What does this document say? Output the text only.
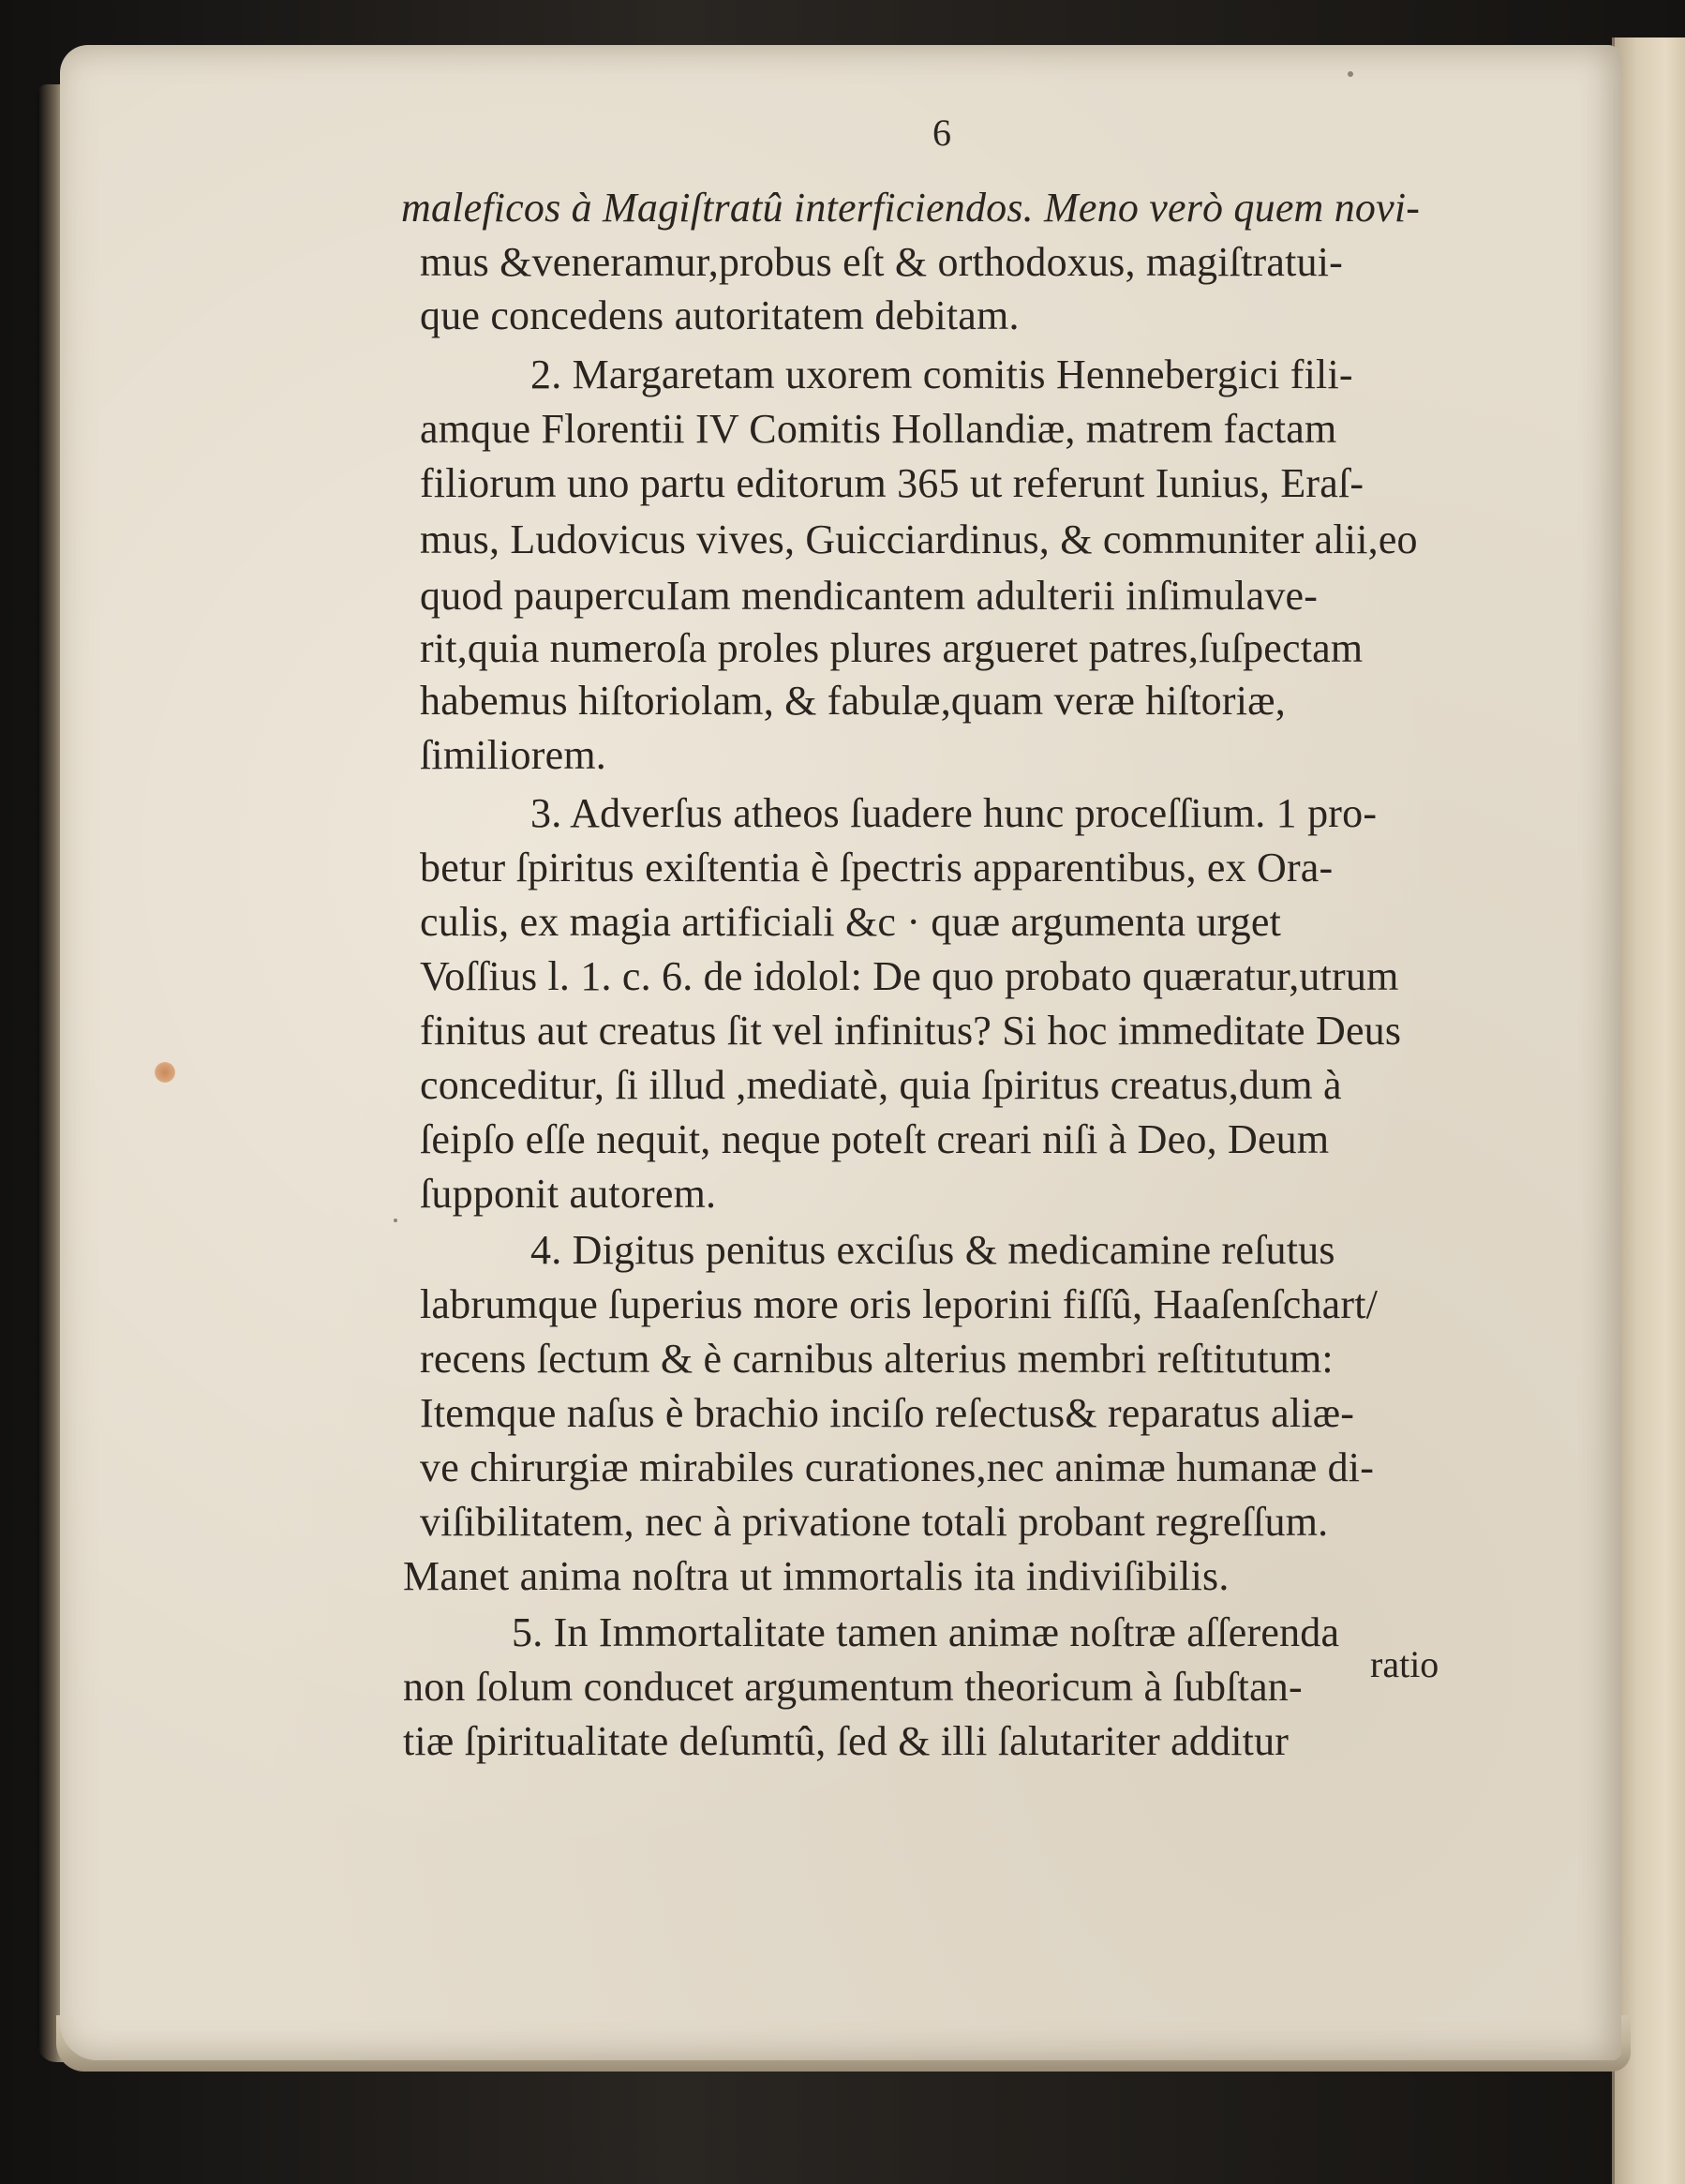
6
maleficos à Magiſtratû interficiendos. Meno verò quem novi-
mus &veneramur,probus eſt & orthodoxus, magiſtratui-
que concedens autoritatem debitam.
2. Margaretam uxorem comitis Hennebergici fili-
amque Florentii IV Comitis Hollandiæ, matrem factam
filiorum uno partu editorum 365 ut referunt Iunius, Eraſ-
mus, Ludovicus vives, Guicciardinus, & communiter alii,eo
quod paupercuIam mendicantem adulterii inſimulave-
rit,quia numeroſa proles plures argueret patres,ſuſpectam
habemus hiſtoriolam, & fabulæ,quam veræ hiſtoriæ,
ſimiliorem.
3. Adverſus atheos ſuadere hunc proceſſium. 1 pro-
betur ſpiritus exiſtentia è ſpectris apparentibus, ex Ora-
culis, ex magia artificiali &c · quæ argumenta urget
Voſſius l. 1. c. 6. de idolol: De quo probato quæratur,utrum
finitus aut creatus ſit vel infinitus? Si hoc immeditate Deus
conceditur, ſi illud ,mediatè, quia ſpiritus creatus,dum à
ſeipſo eſſe nequit, neque poteſt creari niſi à Deo, Deum
ſupponit autorem.
4. Digitus penitus exciſus & medicamine reſutus
labrumque ſuperius more oris leporini fiſſû, Haaſenſchart/
recens ſectum & è carnibus alterius membri reſtitutum:
Itemque naſus è brachio inciſo reſectus& reparatus aliæ-
ve chirurgiæ mirabiles curationes,nec animæ humanæ di-
viſibilitatem, nec à privatione totali probant regreſſum.
Manet anima noſtra ut immortalis ita indiviſibilis.
5. In Immortalitate tamen animæ noſtræ aſſerenda
non ſolum conducet argumentum theoricum à ſubſtan-
tiæ ſpiritualitate deſumtû, ſed & illi ſalutariter additur
ratio
